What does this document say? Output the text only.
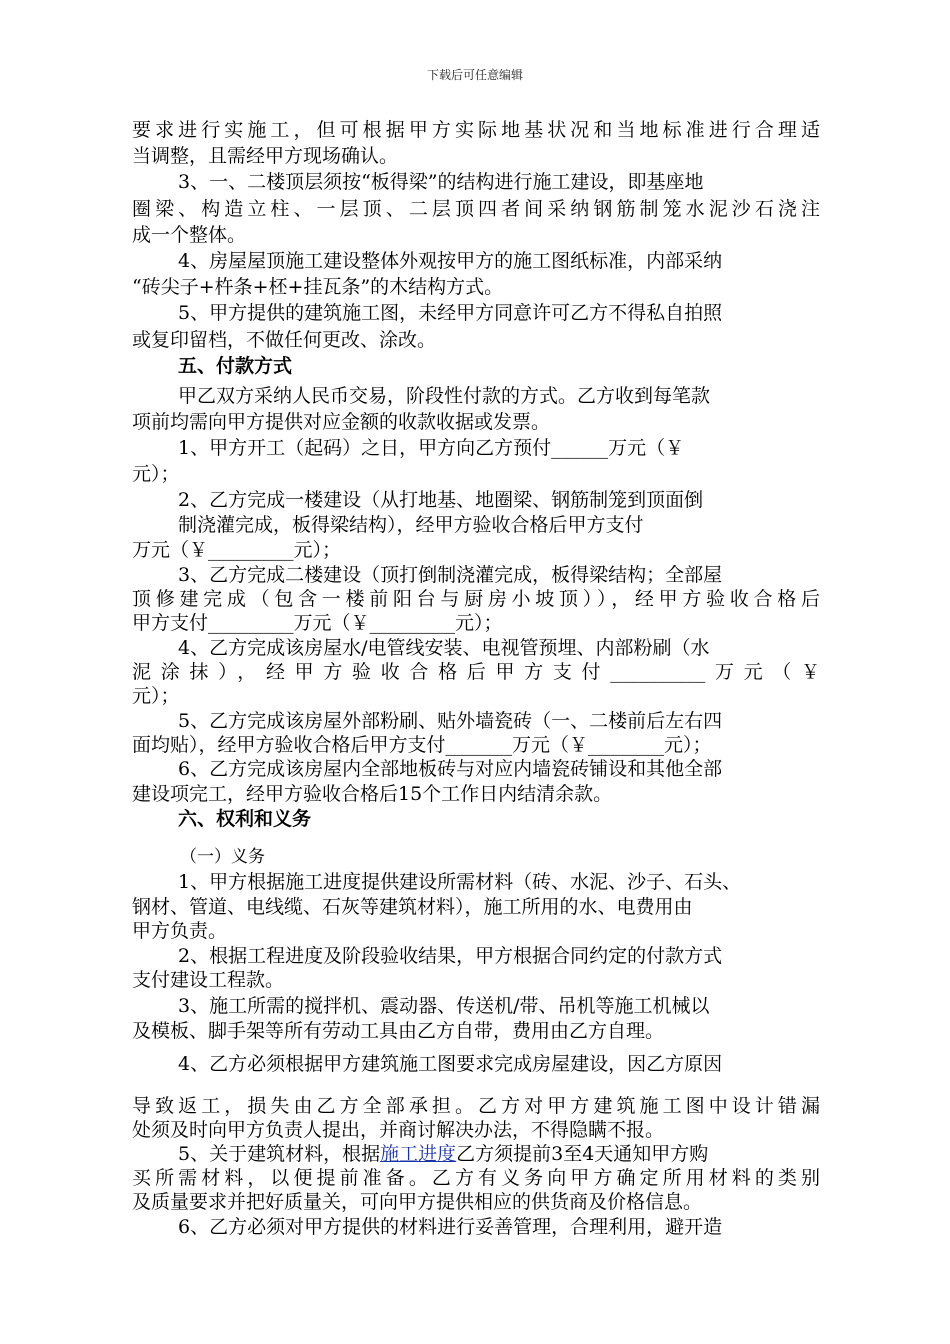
下载后可任意编辑
要求进行实施工，但可根据甲方实际地基状况和当地标准进行合理适
当调整，且需经甲方现场确认。
3、一、二楼顶层须按“板得梁”的结构进行施工建设，即基座地
圈梁、构造立柱、一层顶、二层顶四者间采纳钢筋制笼水泥沙石浇注
成一个整体。
4、房屋屋顶施工建设整体外观按甲方的施工图纸标准，内部采纳
“砖尖子+杵条+柸+挂瓦条”的木结构方式。
5、甲方提供的建筑施工图，未经甲方同意许可乙方不得私自拍照
或复印留档，不做任何更改、涂改。
五、付款方式
甲乙双方采纳人民币交易，阶段性付款的方式。乙方收到每笔款
项前均需向甲方提供对应金额的收款收据或发票。
1、甲方开工（起码）之日，甲方向乙方预付______万元（￥
元）；
2、乙方完成一楼建设（从打地基、地圈梁、钢筋制笼到顶面倒
制浇灌完成，板得梁结构），经甲方验收合格后甲方支付
万元（￥_________元）；
3、乙方完成二楼建设（顶打倒制浇灌完成，板得梁结构；全部屋
顶修建完成（包含一楼前阳台与厨房小坡顶）），经甲方验收合格后
甲方支付_________万元（￥_________元）；
4、乙方完成该房屋水/电管线安装、电视管预埋、内部粉刷（水
泥涂抹），经甲方验收合格后甲方支付__________万元（￥
元）；
5、乙方完成该房屋外部粉刷、贴外墙瓷砖（一、二楼前后左右四
面均贴），经甲方验收合格后甲方支付_______万元（￥________元）；
6、乙方完成该房屋内全部地板砖与对应内墙瓷砖铺设和其他全部
建设项完工，经甲方验收合格后15个工作日内结清余款。
六、权利和义务
（一）义务
1、甲方根据施工进度提供建设所需材料（砖、水泥、沙子、石头、
钢材、管道、电线缆、石灰等建筑材料），施工所用的水、电费用由
甲方负责。
2、根据工程进度及阶段验收结果，甲方根据合同约定的付款方式
支付建设工程款。
3、施工所需的搅拌机、震动器、传送机/带、吊机等施工机械以
及模板、脚手架等所有劳动工具由乙方自带，费用由乙方自理。
4、乙方必须根据甲方建筑施工图要求完成房屋建设，因乙方原因
导致返工，损失由乙方全部承担。乙方对甲方建筑施工图中设计错漏
处须及时向甲方负责人提出，并商讨解决办法，不得隐瞒不报。
5、关于建筑材料，根据施工进度乙方须提前3至4天通知甲方购
买所需材料，以便提前准备。乙方有义务向甲方确定所用材料的类别
及质量要求并把好质量关，可向甲方提供相应的供货商及价格信息。
6、乙方必须对甲方提供的材料进行妥善管理，合理利用，避开造
